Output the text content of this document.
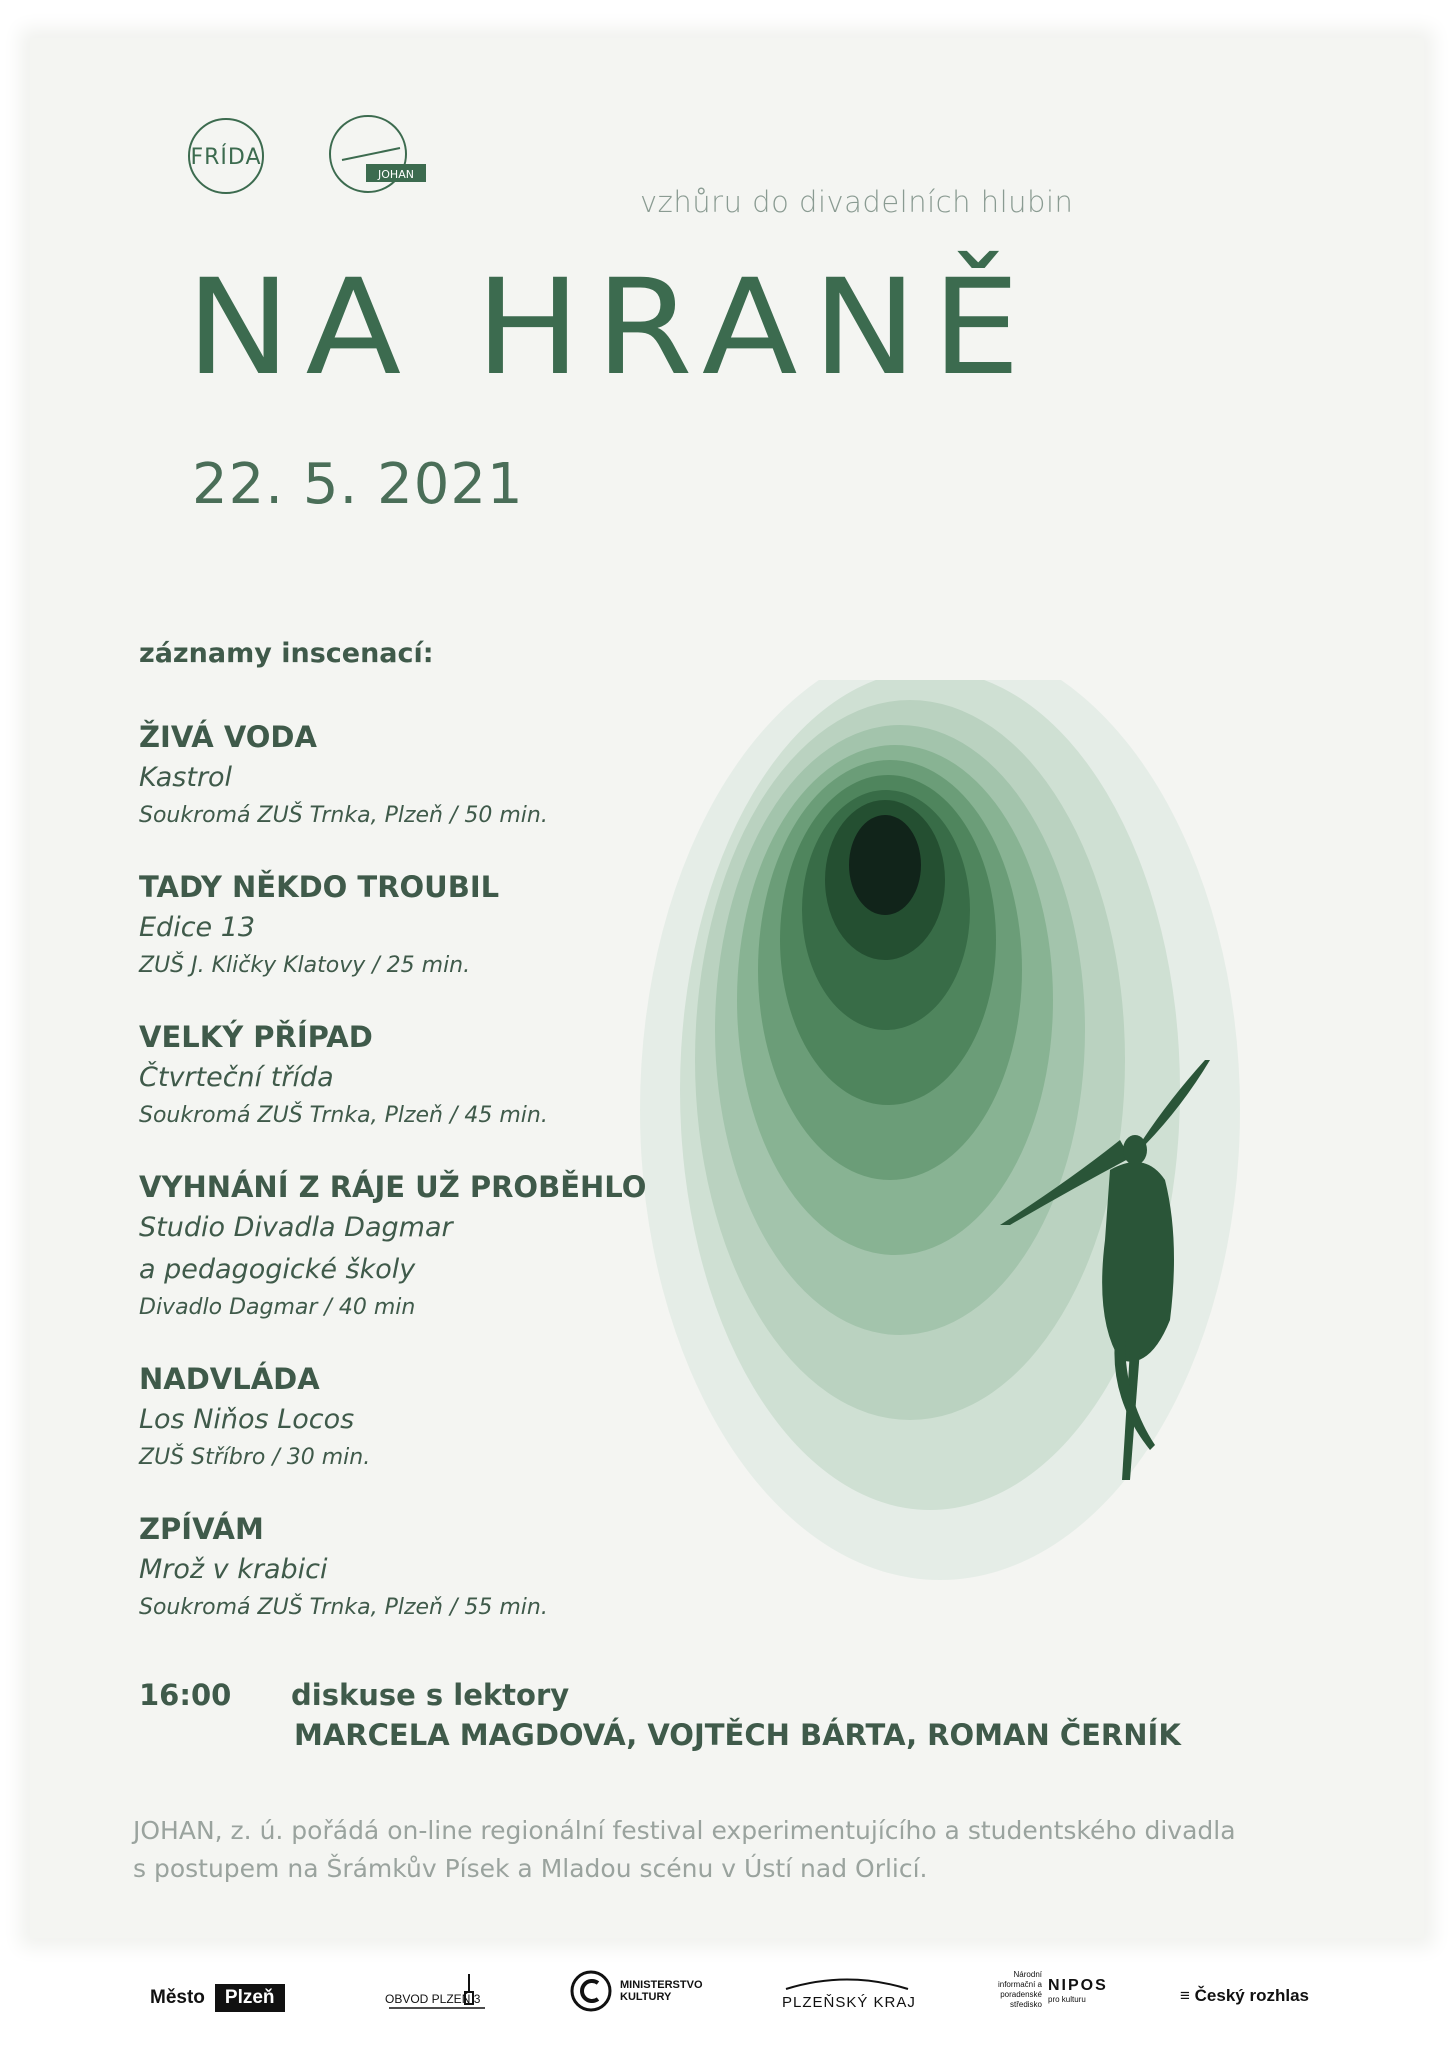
FRÍDA
JOHAN
vzhůru do divadelních hlubin
NA HRANĚ
22. 5. 2021
záznamy inscenací:
ŽIVÁ VODA
Kastrol
Soukromá ZUŠ Trnka, Plzeň / 50 min.
TADY NĚKDO TROUBIL
Edice 13
ZUŠ J. Kličky Klatovy / 25 min.
VELKÝ PŘÍPAD
Čtvrteční třída
Soukromá ZUŠ Trnka, Plzeň / 45 min.
VYHNÁNÍ Z RÁJE UŽ PROBĚHLO
Studio Divadla Dagmar
a pedagogické školy
Divadlo Dagmar / 40 min
NADVLÁDA
Los Niňos Locos
ZUŠ Stříbro / 30 min.
ZPÍVÁM
Mrož v krabici
Soukromá ZUŠ Trnka, Plzeň / 55 min.
16:00	diskuse s lektory
MARCELA MAGDOVÁ, VOJTĚCH BÁRTA, ROMAN ČERNÍK
JOHAN, z. ú. pořádá on-line regionální festival experimentujícího a studentského divadla
s postupem na Šrámkův Písek a Mladou scénu v Ústí nad Orlicí.
Město	Plzeň	OBVOD PLZEŇ 3
MINISTERSTVO
KULTURY	PLZEŇSKÝ KRAJ
Národní informační a poradenské středisko
NIPOS
pro kulturu	≡ Český rozhlas
